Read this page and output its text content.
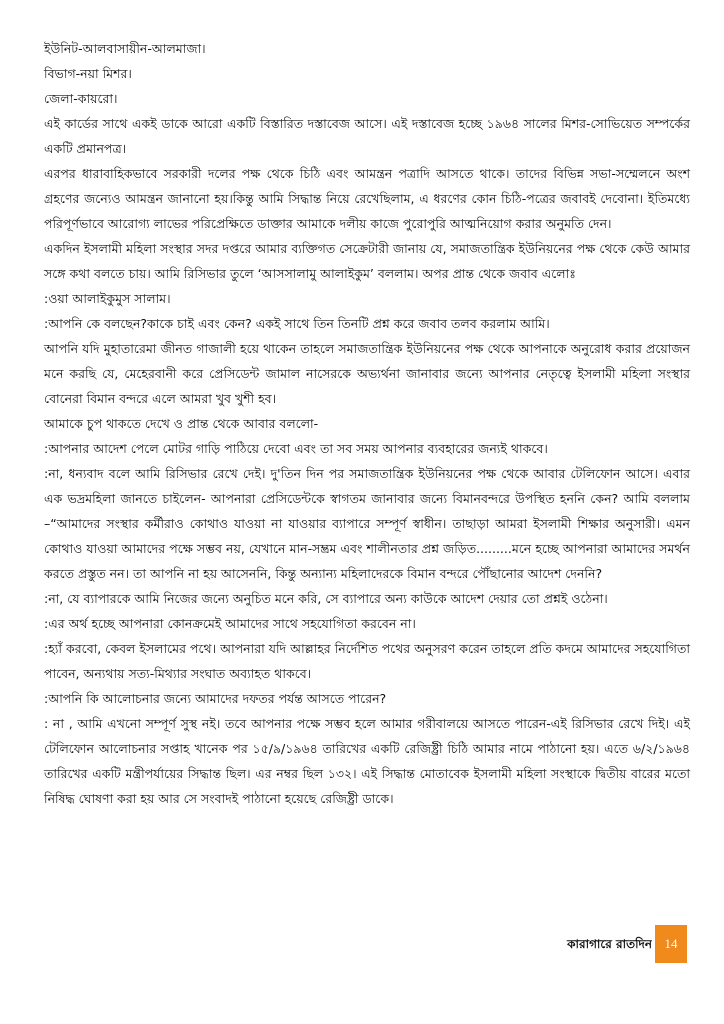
ইউনিট-আলবাসায়ীন-আলমাজা।

বিভাগ-নয়া মিশর।

জেলা-কায়রো।

এই কার্ডের সাথে একই ডাকে আরো একটি বিস্তারিত দস্তাবেজ আসে। এই দস্তাবেজ হচ্ছে ১৯৬৪ সালের মিশর-সোভিয়েত সম্পর্কের একটি প্রমানপত্র।

এরপর ধারাবাহিকভাবে সরকারী দলের পক্ষ থেকে চিঠি এবং আমন্ত্রন পত্রাদি আসতে থাকে। তাদের বিভিন্ন সভা-সম্মেলনে অংশ গ্রহণের জন্যেও আমন্ত্রন জানানো হয়।কিন্তু আমি সিদ্ধান্ত নিয়ে রেখেছিলাম, এ ধরণের কোন চিঠি-পত্রের জবাবই দেবোনা। ইতিমধ্যে পরিপূর্ণভাবে আরোগ্য লাভের পরিপ্রেক্ষিতে ডাক্তার আমাকে দলীয় কাজে পুরোপুরি আত্মনিয়োগ করার অনুমতি দেন।

একদিন ইসলামী মহিলা সংস্থার সদর দপ্তরে আমার ব্যক্তিগত সেক্রেটারী জানায় যে, সমাজতান্ত্রিক ইউনিয়নের পক্ষ থেকে কেউ আমার সঙ্গে কথা বলতে চায়। আমি রিসিভার তুলে ‘আসসালামু আলাইকুম’ বললাম। অপর প্রান্ত থেকে জবাব এলোঃ

:ওয়া আলাইকুমুস সালাম।

:আপনি কে বলছেন?কাকে চাই এবং কেন? একই সাথে তিন তিনটি প্রশ্ন করে জবাব তলব করলাম আমি।

আপনি যদি মুহাতারেমা জীনত গাজালী হয়ে থাকেন তাহলে সমাজতান্ত্রিক ইউনিয়নের পক্ষ থেকে আপনাকে অনুরোধ করার প্রয়োজন মনে করছি যে, মেহেরবানী করে প্রেসিডেন্ট জামাল নাসেরকে অভ্যর্থনা জানাবার জন্যে আপনার নেতৃত্বে ইসলামী মহিলা সংস্থার বোনেরা বিমান বন্দরে এলে আমরা খুব খুশী হব।

আমাকে চুপ থাকতে দেখে ও প্রান্ত থেকে আবার বললো-

:আপনার আদেশ পেলে মোটর গাড়ি পাঠিয়ে দেবো এবং তা সব সময় আপনার ব্যবহারের জন্যই থাকবে।

:না, ধন্যবাদ বলে আমি রিসিভার রেখে দেই। দু'তিন দিন পর সমাজতান্ত্রিক ইউনিয়নের পক্ষ থেকে আবার টেলিফোন আসে। এবার এক ভদ্রমহিলা জানতে চাইলেন- আপনারা প্রেসিডেন্টকে স্বাগতম জানাবার জন্যে বিমানবন্দরে উপস্থিত হননি কেন? আমি বললাম –“আমাদের সংস্থার কর্মীরাও কোথাও যাওয়া না যাওয়ার ব্যাপারে সম্পূর্ণ স্বাধীন। তাছাড়া আমরা ইসলামী শিক্ষার অনুসারী। এমন কোথাও যাওয়া আমাদের পক্ষে সম্ভব নয়, যেখানে মান-সম্ভ্রম এবং শালীনতার প্রশ্ন জড়িত.........মনে হচ্ছে আপনারা আমাদের সমর্থন করতে প্রস্তুত নন। তা আপনি না হয় আসেননি, কিন্তু অন্যান্য মহিলাদেরকে বিমান বন্দরে পৌঁছানোর আদেশ দেননি?

:না, যে ব্যাপারকে আমি নিজের জন্যে অনুচিত মনে করি, সে ব্যাপারে অন্য কাউকে আদেশ দেয়ার তো প্রশ্নই ওঠেনা।

:এর অর্থ হচ্ছে আপনারা কোনক্রমেই আমাদের সাথে সহযোগিতা করবেন না।

:হ্যাঁ করবো, কেবল ইসলামের পথে। আপনারা যদি আল্লাহর নির্দেশিত পথের অনুসরণ করেন তাহলে প্রতি কদমে আমাদের সহযোগিতা পাবেন, অন্যথায় সত্য-মিথ্যার সংঘাত অব্যাহত থাকবে।

:আপনি কি আলোচনার জন্যে আমাদের দফতর পর্যন্ত আসতে পারেন?

: না , আমি এখনো সম্পূর্ণ সুস্থ নই। তবে আপনার পক্ষে সম্ভব হলে আমার গরীবালয়ে আসতে পারেন-এই রিসিভার রেখে দিই। এই টেলিফোন আলোচনার সপ্তাহ খানেক পর ১৫/৯/১৯৬৪ তারিখের একটি রেজিষ্ট্রী চিঠি আমার নামে পাঠানো হয়। এতে ৬/২/১৯৬৪ তারিখের একটি মন্ত্রীপর্যায়ের সিদ্ধান্ত ছিল। এর নম্বর ছিল ১৩২। এই সিদ্ধান্ত মোতাবেক ইসলামী মহিলা সংস্থাকে দ্বিতীয় বারের মতো নিষিদ্ধ ঘোষণা করা হয় আর সে সংবাদই পাঠানো হয়েছে রেজিষ্ট্রী ডাকে।

কারাগারে রাতদিন 14
